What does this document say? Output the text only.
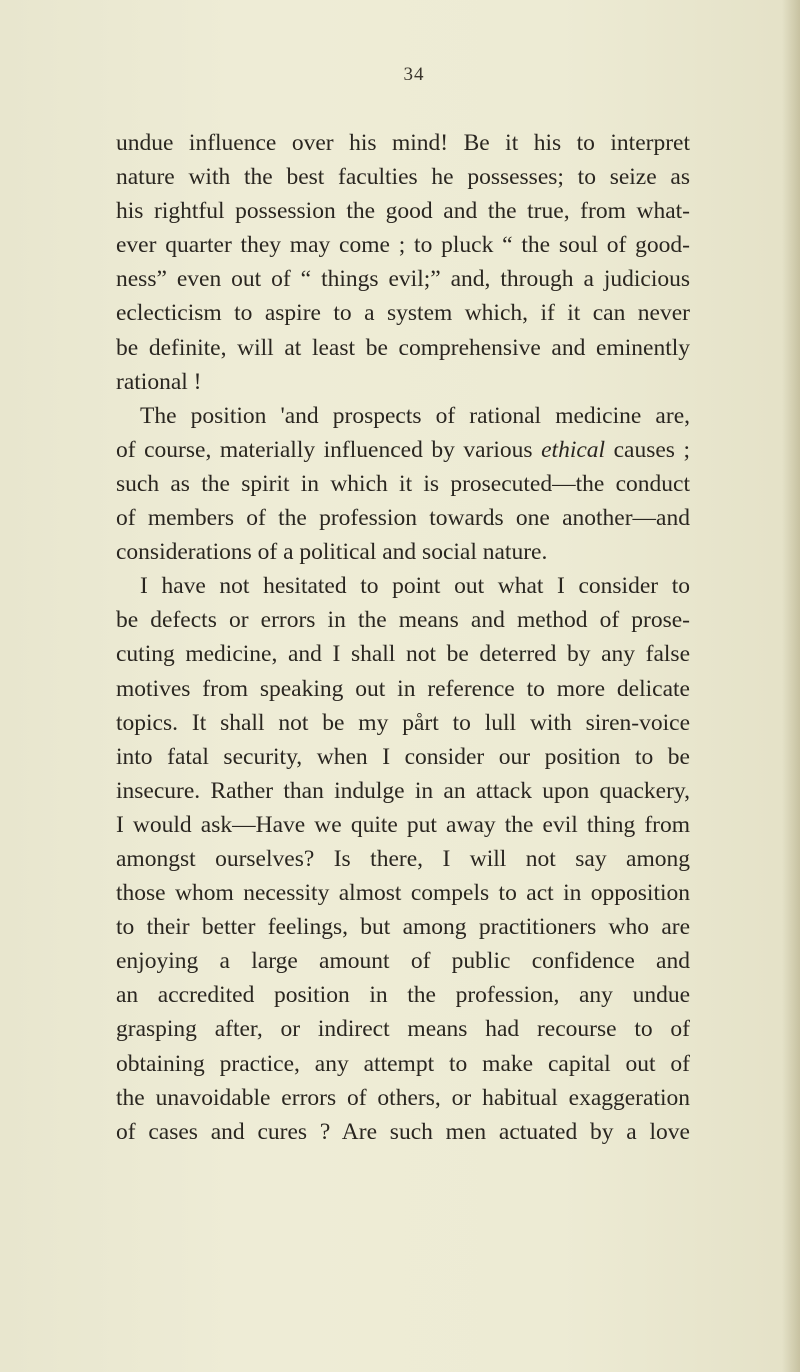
34
undue influence over his mind! Be it his to interpret
nature with the best faculties he possesses; to seize as
his rightful possession the good and the true, from what-
ever quarter they may come ; to pluck “ the soul of good-
ness” even out of “ things evil;” and, through a judicious
eclecticism to aspire to a system which, if it can never
be definite, will at least be comprehensive and eminently
rational !
The position 'and prospects of rational medicine are,
of course, materially influenced by various ethical causes ;
such as the spirit in which it is prosecuted—the conduct
of members of the profession towards one another—and
considerations of a political and social nature.
I have not hesitated to point out what I consider to
be defects or errors in the means and method of prose-
cuting medicine, and I shall not be deterred by any false
motives from speaking out in reference to more delicate
topics. It shall not be my pårt to lull with siren-voice
into fatal security, when I consider our position to be
insecure. Rather than indulge in an attack upon quackery,
I would ask—Have we quite put away the evil thing from
amongst ourselves? Is there, I will not say among
those whom necessity almost compels to act in opposition
to their better feelings, but among practitioners who are
enjoying a large amount of public confidence and
an accredited position in the profession, any undue
grasping after, or indirect means had recourse to of
obtaining practice, any attempt to make capital out of
the unavoidable errors of others, or habitual exaggeration
of cases and cures ? Are such men actuated by a love
